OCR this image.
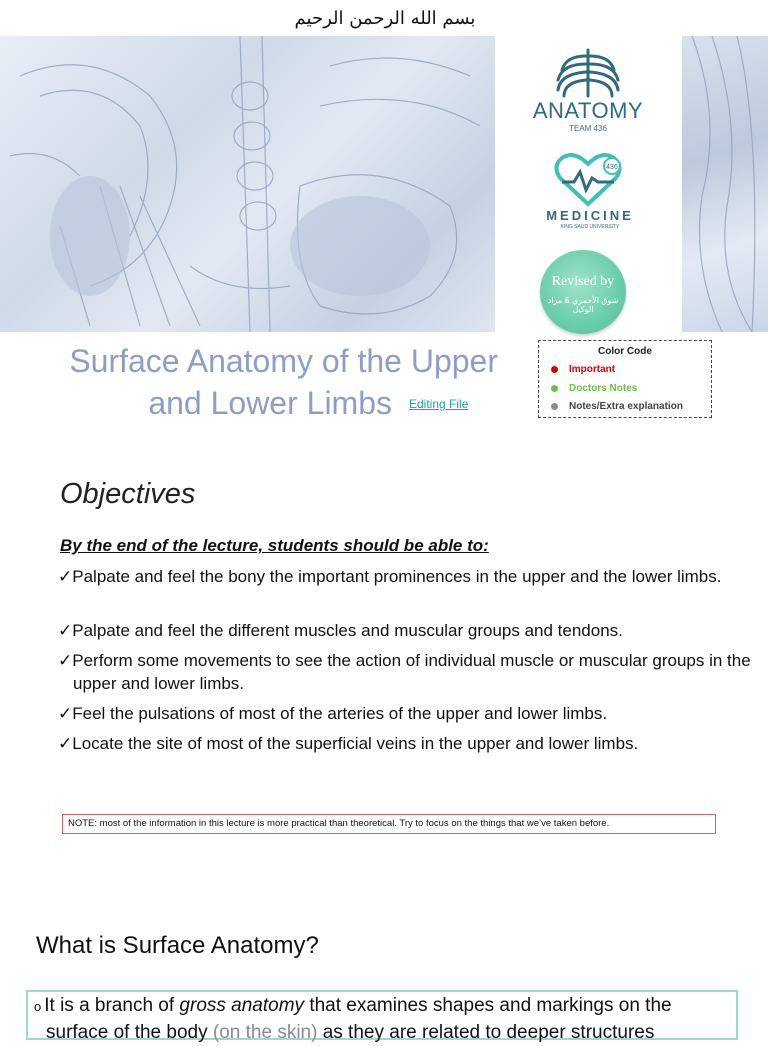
بسم الله الرحمن الرحيم
ANATOMY
TEAM 436
436
MEDICINE
KING SAUD UNIVERSITY
Revised by
شوق الأحمري & مراد الوكيل
Surface Anatomy of the Upper
and Lower Limbs	Editing File
Color Code
Important
Doctors Notes
Notes/Extra explanation
Objectives
By the end of the lecture, students should be able to:
✓Palpate and feel the bony the important prominences in the upper and the lower limbs.
✓Palpate and feel the different muscles and muscular groups and tendons.
✓Perform some movements to see the action of individual muscle or muscular groups in the upper and lower limbs.
✓Feel the pulsations of most of the arteries of the upper and lower limbs.
✓Locate the site of most of the superficial veins in the upper and lower limbs.
NOTE: most of the information in this lecture is more practical than theoretical. Try to focus on the things that we’ve taken before.
What is Surface Anatomy?
o It is a branch of gross anatomy that examines shapes and markings on the
surface of the body (on the skin) as they are related to deeper structures
